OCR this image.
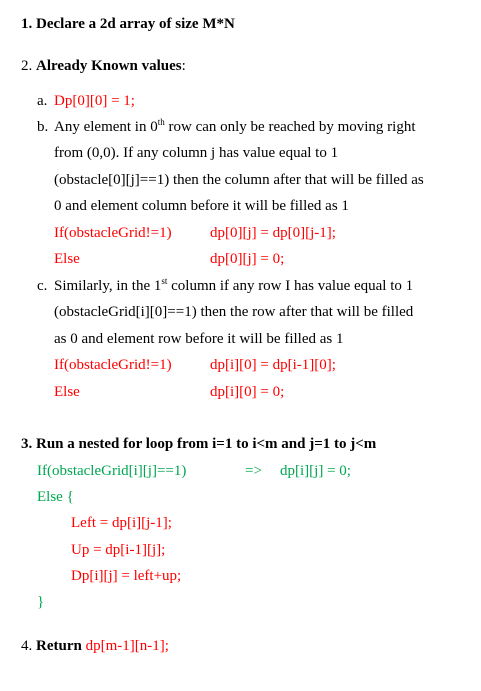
1. Declare a 2d array of size M*N
2. Already Known values:
a. Dp[0][0] = 1;
b. Any element in 0th row can only be reached by moving right
from (0,0). If any column j has value equal to 1
(obstacle[0][j]==1) then the column after that will be filled as
0 and element column before it will be filled as 1
If(obstacleGrid!=1)	dp[0][j] = dp[0][j-1];
Else	dp[0][j] = 0;
c. Similarly, in the 1st column if any row I has value equal to 1
(obstacleGrid[i][0]==1) then the row after that will be filled
as 0 and element row before it will be filled as 1
If(obstacleGrid!=1)	dp[i][0] = dp[i-1][0];
Else	dp[i][0] = 0;
3. Run a nested for loop from i=1 to i<m and j=1 to j<m
If(obstacleGrid[i][j]==1)	=> dp[i][j] = 0;
Else {
Left = dp[i][j-1];
Up = dp[i-1][j];
Dp[i][j] = left+up;
}
4. Return dp[m-1][n-1];
